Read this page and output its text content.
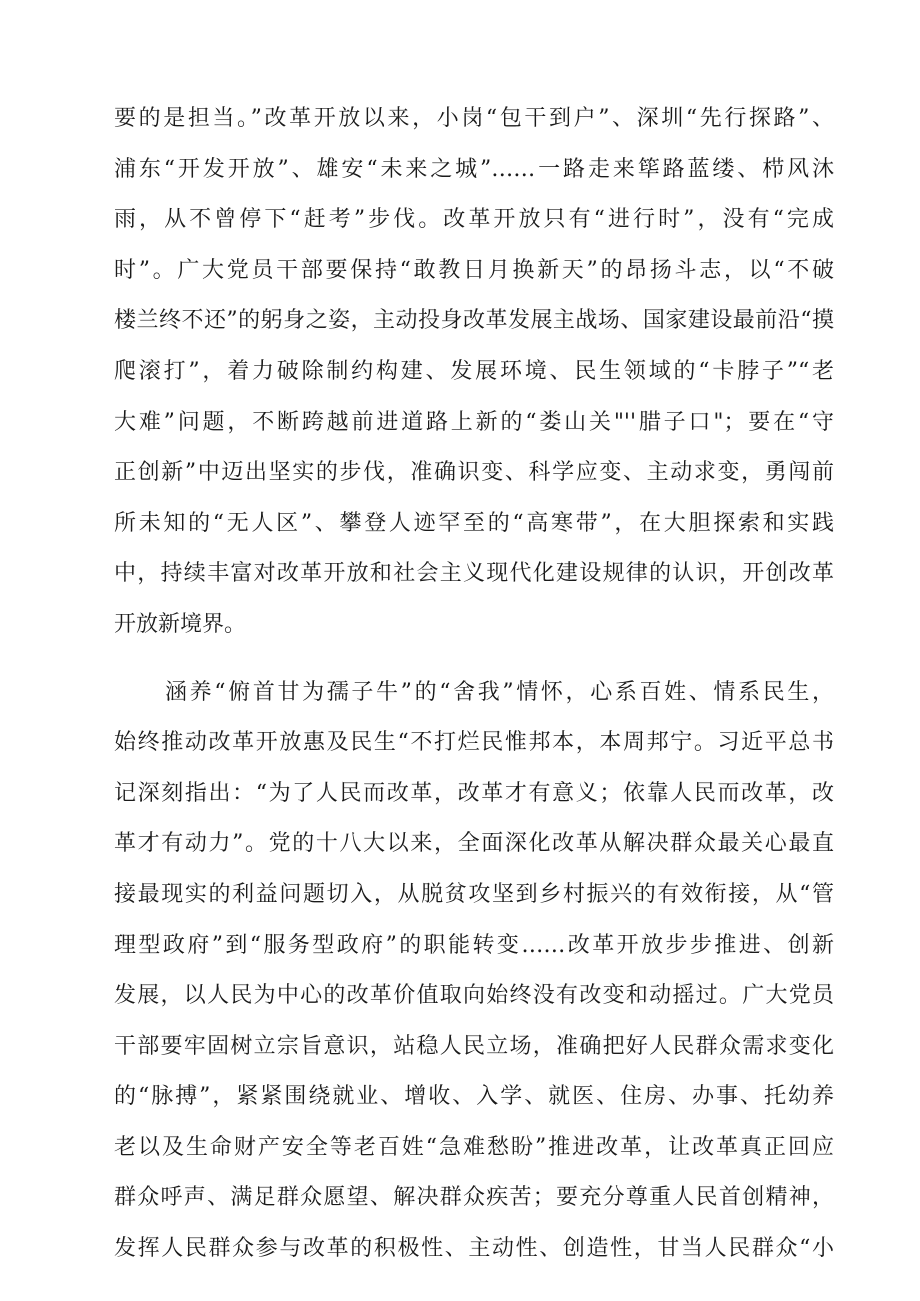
要的是担当。”改革开放以来，小岗“包干到户”、深圳“先行探路”、
浦东“开发开放”、雄安“未来之城”……一路走来筚路蓝缕、栉风沐
雨，从不曾停下“赶考”步伐。改革开放只有“进行时”，没有“完成
时”。广大党员干部要保持“敢教日月换新天”的昂扬斗志，以“不破
楼兰终不还”的躬身之姿，主动投身改革发展主战场、国家建设最前沿“摸
爬滚打”，着力破除制约构建、发展环境、民生领域的“卡脖子”“老
大难”问题，不断跨越前进道路上新的“娄山关"''腊子口"；要在“守
正创新”中迈出坚实的步伐，准确识变、科学应变、主动求变，勇闯前
所未知的“无人区”、攀登人迹罕至的“高寒带”，在大胆探索和实践
中，持续丰富对改革开放和社会主义现代化建设规律的认识，开创改革
开放新境界。
涵养“俯首甘为孺子牛”的“舍我”情怀，心系百姓、情系民生，
始终推动改革开放惠及民生“不打烂民惟邦本，本周邦宁。习近平总书
记深刻指出：“为了人民而改革，改革才有意义；依靠人民而改革，改
革才有动力”。党的十八大以来，全面深化改革从解决群众最关心最直
接最现实的利益问题切入，从脱贫攻坚到乡村振兴的有效衔接，从“管
理型政府”到“服务型政府”的职能转变……改革开放步步推进、创新
发展，以人民为中心的改革价值取向始终没有改变和动摇过。广大党员
干部要牢固树立宗旨意识，站稳人民立场，准确把好人民群众需求变化
的“脉搏”，紧紧围绕就业、增收、入学、就医、住房、办事、托幼养
老以及生命财产安全等老百姓“急难愁盼”推进改革，让改革真正回应
群众呼声、满足群众愿望、解决群众疾苦；要充分尊重人民首创精神，
发挥人民群众参与改革的积极性、主动性、创造性，甘当人民群众“小
